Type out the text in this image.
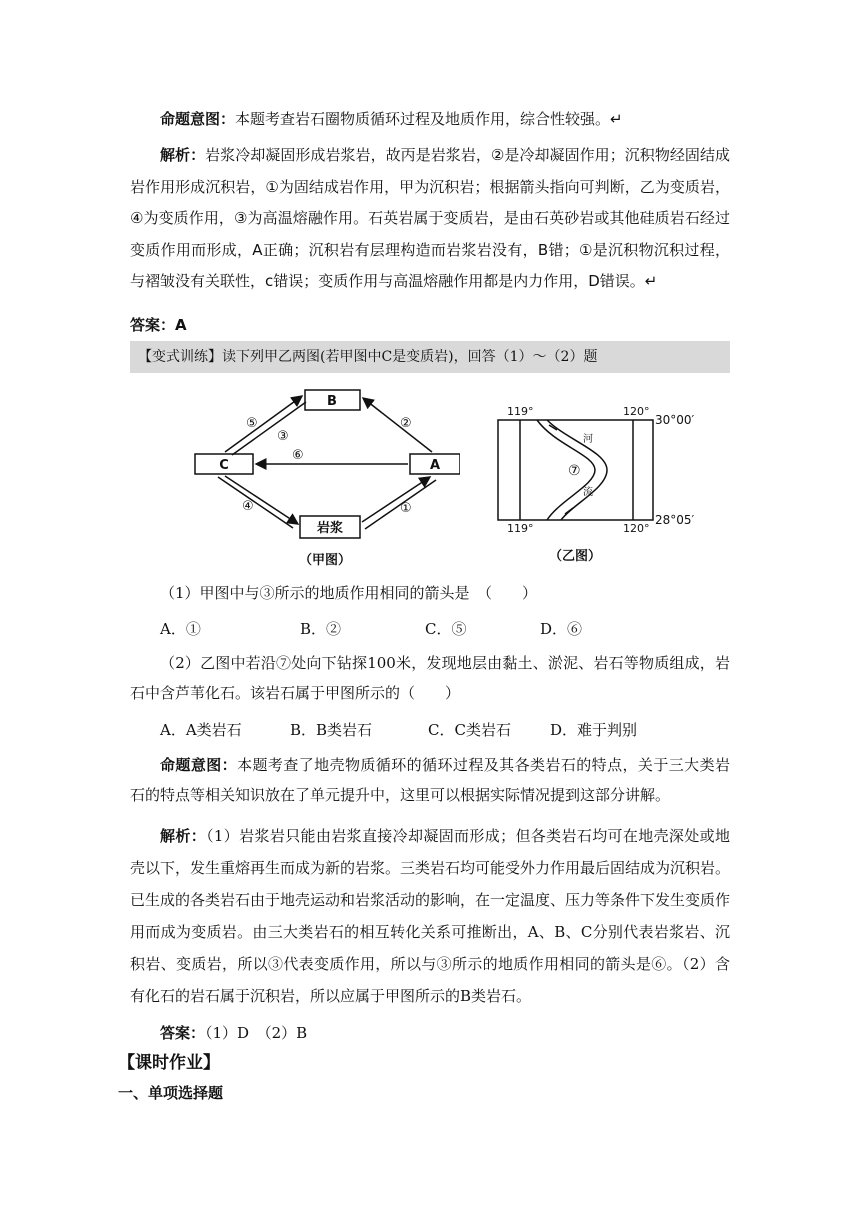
命题意图：本题考查岩石圈物质循环过程及地质作用，综合性较强。↵

解析：岩浆冷却凝固形成岩浆岩，故丙是岩浆岩，②是冷却凝固作用；沉积物经固结成岩作用形成沉积岩，①为固结成岩作用，甲为沉积岩；根据箭头指向可判断，乙为变质岩，④为变质作用，③为高温熔融作用。石英岩属于变质岩，是由石英砂岩或其他硅质岩石经过变质作用而形成，A正确；沉积岩有层理构造而岩浆岩没有，B错；①是沉积物沉积过程，与褶皱没有关联性，c错误；变质作用与高温熔融作用都是内力作用，D错误。↵

答案：A

【变式训练】读下列甲乙两图(若甲图中C是变质岩)，回答（1）～（2）题
B
C	A
岩浆
⑤
③
②
⑥
④	①
（甲图）
119°	120°
30°00′
119°	120°
28°05′
河
流
⑦
（乙图）

（1）甲图中与③所示的地质作用相同的箭头是　（　　）

A．①	B．②	C．⑤	D．⑥

（2）乙图中若沿⑦处向下钻探100米，发现地层由黏土、淤泥、岩石等物质组成，岩石中含芦苇化石。该岩石属于甲图所示的（　　）

A．A类岩石	B．B类岩石	C．C类岩石	D．难于判别

命题意图：本题考查了地壳物质循环的循环过程及其各类岩石的特点，关于三大类岩石的特点等相关知识放在了单元提升中，这里可以根据实际情况提到这部分讲解。

解析：（1）岩浆岩只能由岩浆直接冷却凝固而形成；但各类岩石均可在地壳深处或地壳以下，发生重熔再生而成为新的岩浆。三类岩石均可能受外力作用最后固结成为沉积岩。已生成的各类岩石由于地壳运动和岩浆活动的影响，在一定温度、压力等条件下发生变质作用而成为变质岩。由三大类岩石的相互转化关系可推断出，A、B、C分别代表岩浆岩、沉积岩、变质岩，所以③代表变质作用，所以与③所示的地质作用相同的箭头是⑥。（2）含有化石的岩石属于沉积岩，所以应属于甲图所示的B类岩石。

答案：（1）D　（2）B

【课时作业】
一、单项选择题
